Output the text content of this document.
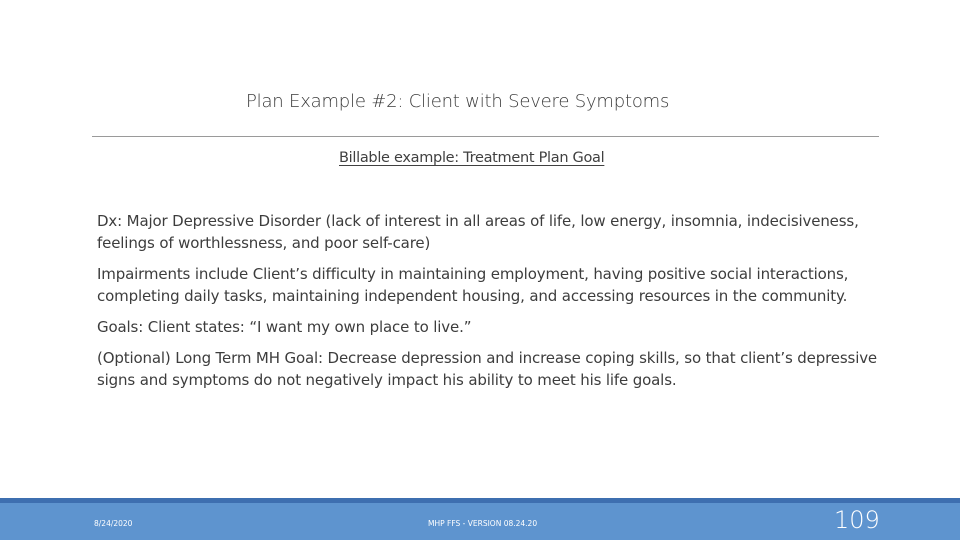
Plan Example #2: Client with Severe Symptoms
Billable example: Treatment Plan Goal

Dx: Major Depressive Disorder (lack of interest in all areas of life, low energy, insomnia, indecisiveness, feelings of worthlessness, and poor self-care)

Impairments include Client’s difficulty in maintaining employment, having positive social interactions, completing daily tasks, maintaining independent housing, and accessing resources in the community.

Goals: Client states: “I want my own place to live.”

(Optional) Long Term MH Goal: Decrease depression and increase coping skills, so that client’s depressive signs and symptoms do not negatively impact his ability to meet his life goals.

8/24/2020	MHP FFS - VERSION 08.24.20	109
